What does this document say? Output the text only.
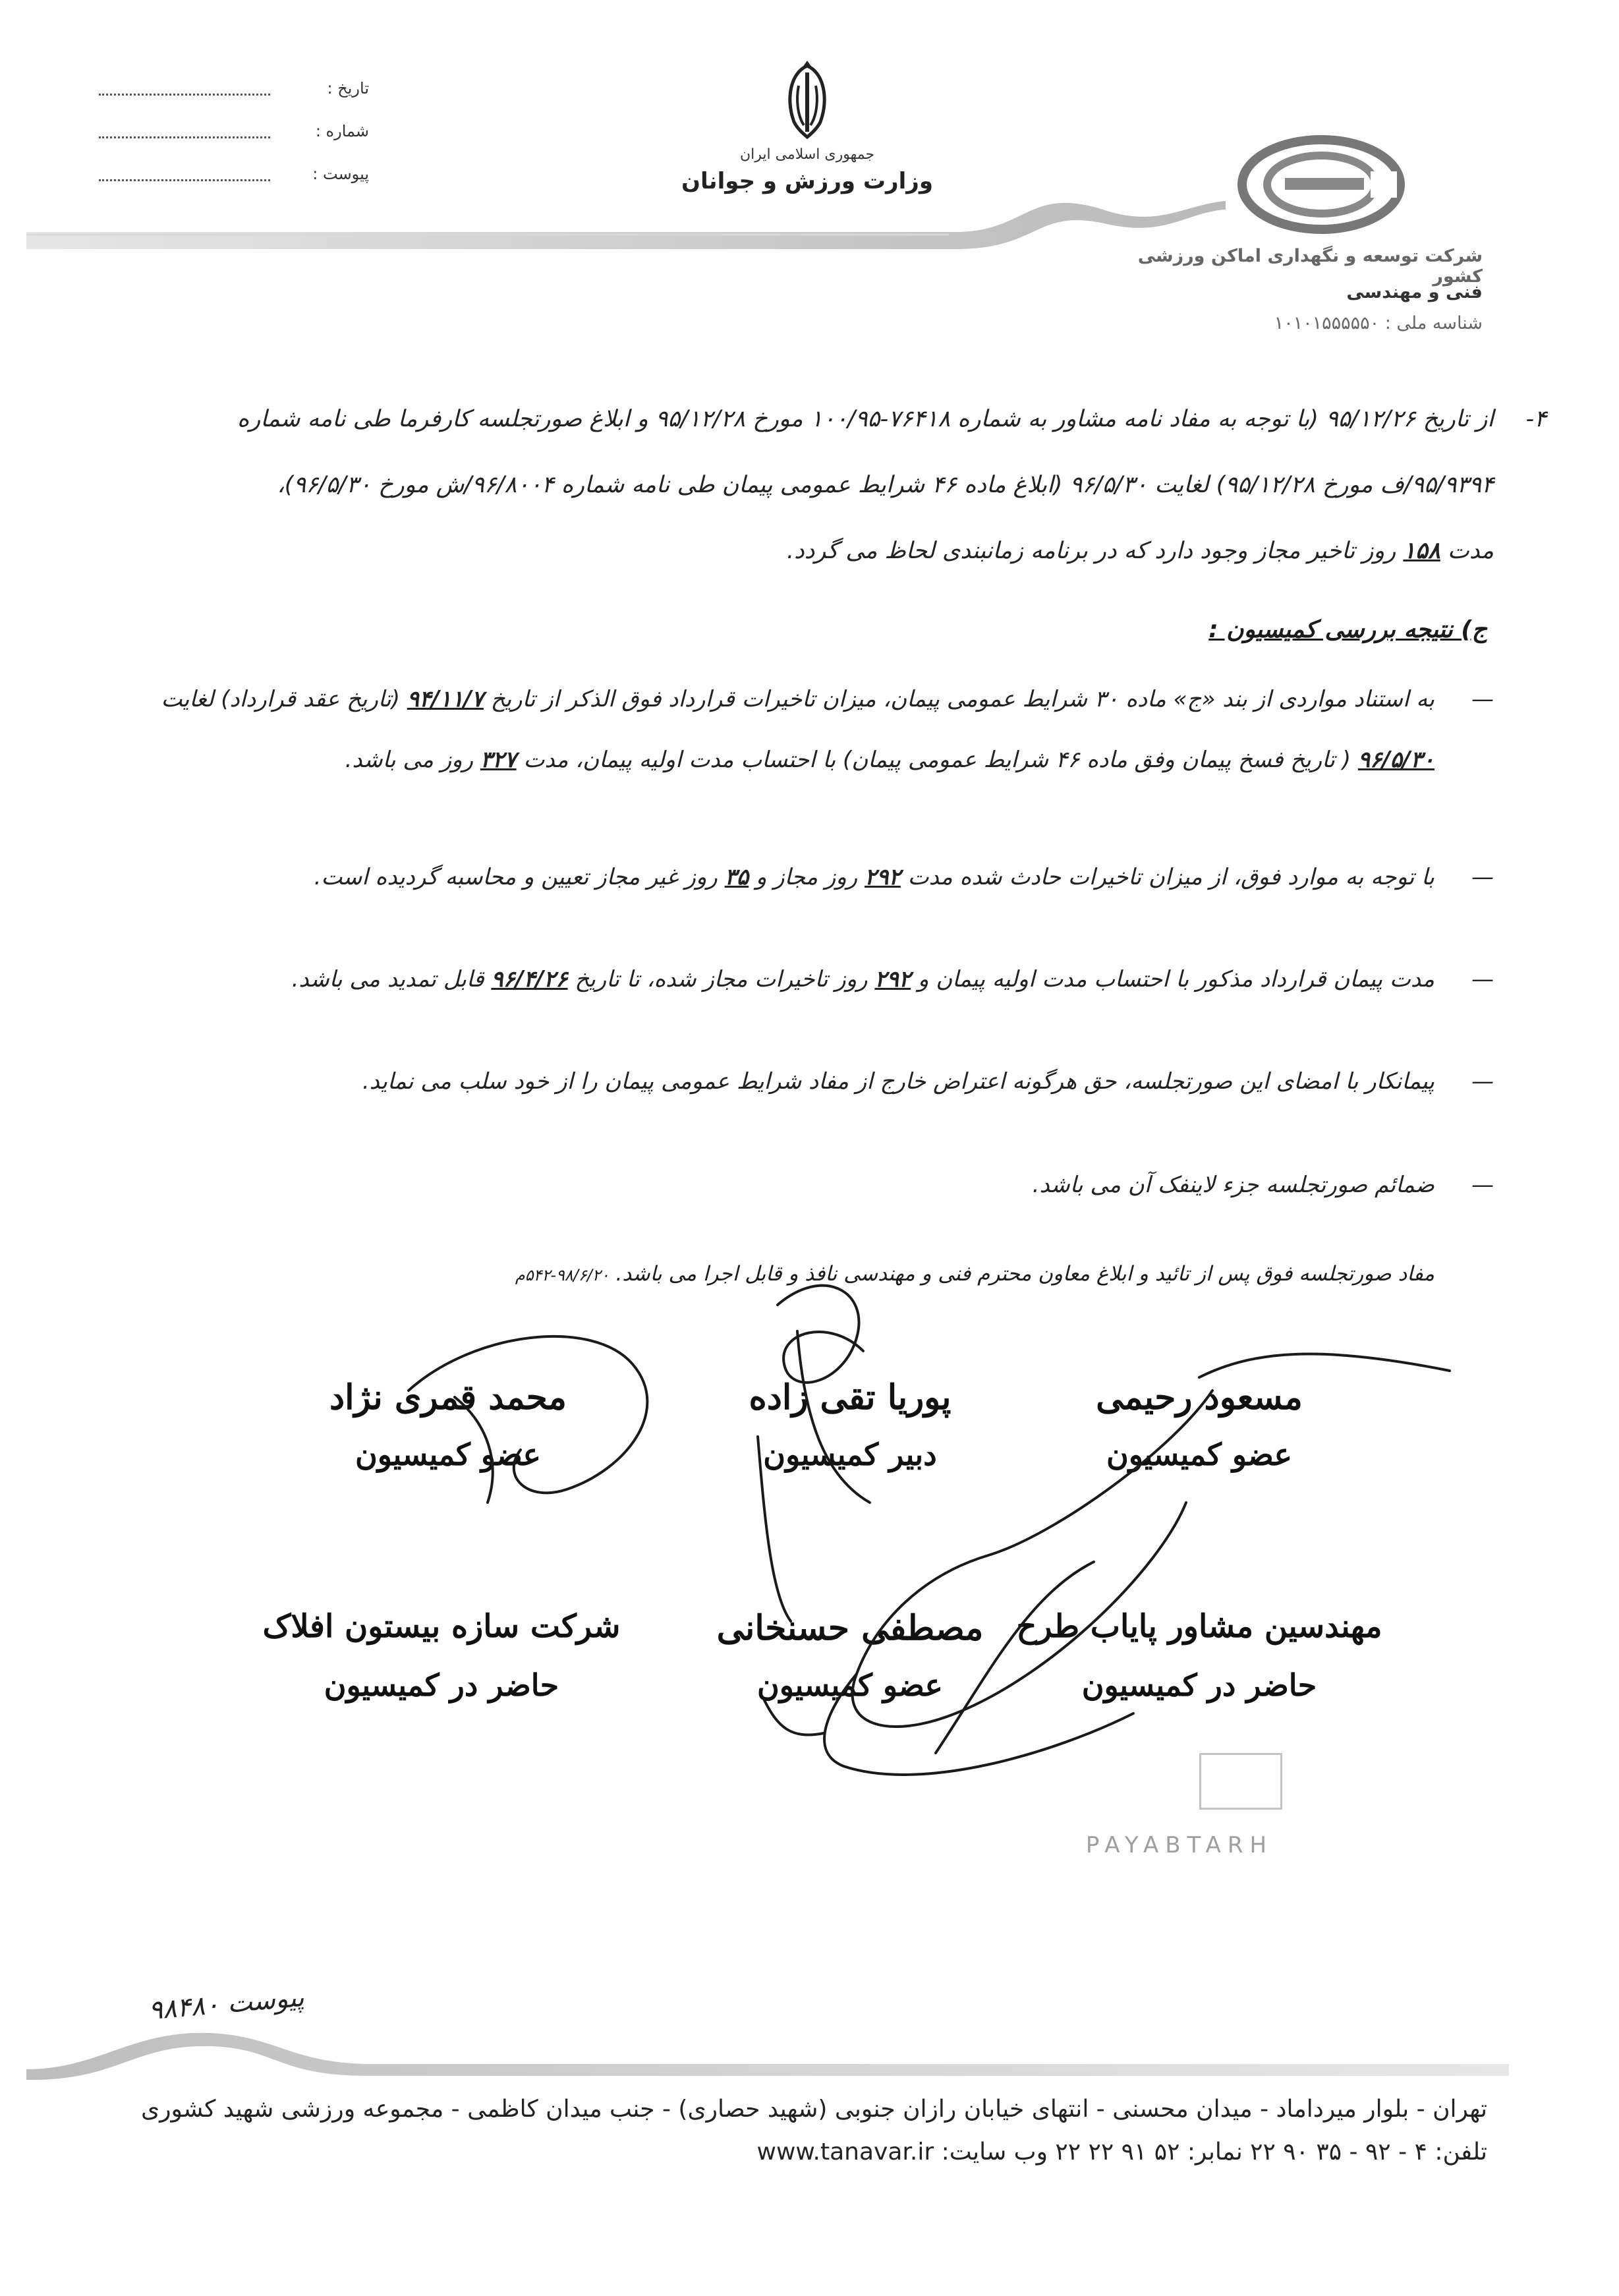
تاریخ :
شماره :
پیوست :
جمهوری اسلامی ایران
وزارت ورزش و جوانان
شرکت توسعه و نگهداری اماکن ورزشی کشور
فنی و مهندسی
شناسه ملی : ۱۰۱۰۱۵۵۵۵۵۰
۴-
از تاریخ ۹۵/۱۲/۲۶ (با توجه به مفاد نامه مشاور به شماره ۷۶۴۱۸-۱۰۰/۹۵ مورخ ۹۵/۱۲/۲۸ و ابلاغ صورتجلسه کارفرما طی نامه شماره
۹۵/۹۳۹۴/ف مورخ ۹۵/۱۲/۲۸) لغایت ۹۶/۵/۳۰ (ابلاغ ماده ۴۶ شرایط عمومی پیمان طی نامه شماره ۹۶/۸۰۰۴/ش مورخ ۹۶/۵/۳۰)،
مدت ۱۵۸ روز تاخیر مجاز وجود دارد که در برنامه زمانبندی لحاظ می گردد.
ج) نتیجه بررسی کمیسیون :
—
به استناد مواردی از بند «ج» ماده ۳۰ شرایط عمومی پیمان، میزان تاخیرات قرارداد فوق الذکر از تاریخ ۹۴/۱۱/۷ (تاریخ عقد قرارداد) لغایت ۹۶/۵/۳۰ ( تاریخ فسخ پیمان وفق ماده ۴۶ شرایط عمومی پیمان) با احتساب مدت اولیه پیمان، مدت ۳۲۷ روز می باشد.
—
با توجه به موارد فوق، از میزان تاخیرات حادث شده مدت ۲۹۲ روز مجاز و ۳۵ روز غیر مجاز تعیین و محاسبه گردیده است.
—
مدت پیمان قرارداد مذکور با احتساب مدت اولیه پیمان و ۲۹۲ روز تاخیرات مجاز شده، تا تاریخ ۹۶/۴/۲۶ قابل تمدید می باشد.
—
پیمانکار با امضای این صورتجلسه، حق هرگونه اعتراض خارج از مفاد شرایط عمومی پیمان را از خود سلب می نماید.
—
ضمائم صورتجلسه جزء لاینفک آن می باشد.
مفاد صورتجلسه فوق پس از تائید و ابلاغ معاون محترم فنی و مهندسی نافذ و قابل اجرا می باشد. ۹۸/۶/۲۰-۵۴۲م
مسعود رحیمی
عضو کمیسیون
پوریا تقی زاده
دبیر کمیسیون
محمد قمری نژاد
عضو کمیسیون
مهندسین مشاور پایاب طرح
حاضر در کمیسیون
مصطفی حسنخانی
عضو کمیسیون
شرکت سازه بیستون افلاک
حاضر در کمیسیون
PAYABTARH
پیوست ۹۸۴۸۰
تهران - بلوار میرداماد - میدان محسنی - انتهای خیابان رازان جنوبی (شهید حصاری) - جنب میدان کاظمی - مجموعه ورزشی شهید کشوری
تلفن: ۴ - ۹۲ - ۳۵ ۹۰ ۲۲ نمابر: ۵۲ ۹۱ ۲۲ ۲۲ وب سایت: www.tanavar.ir
